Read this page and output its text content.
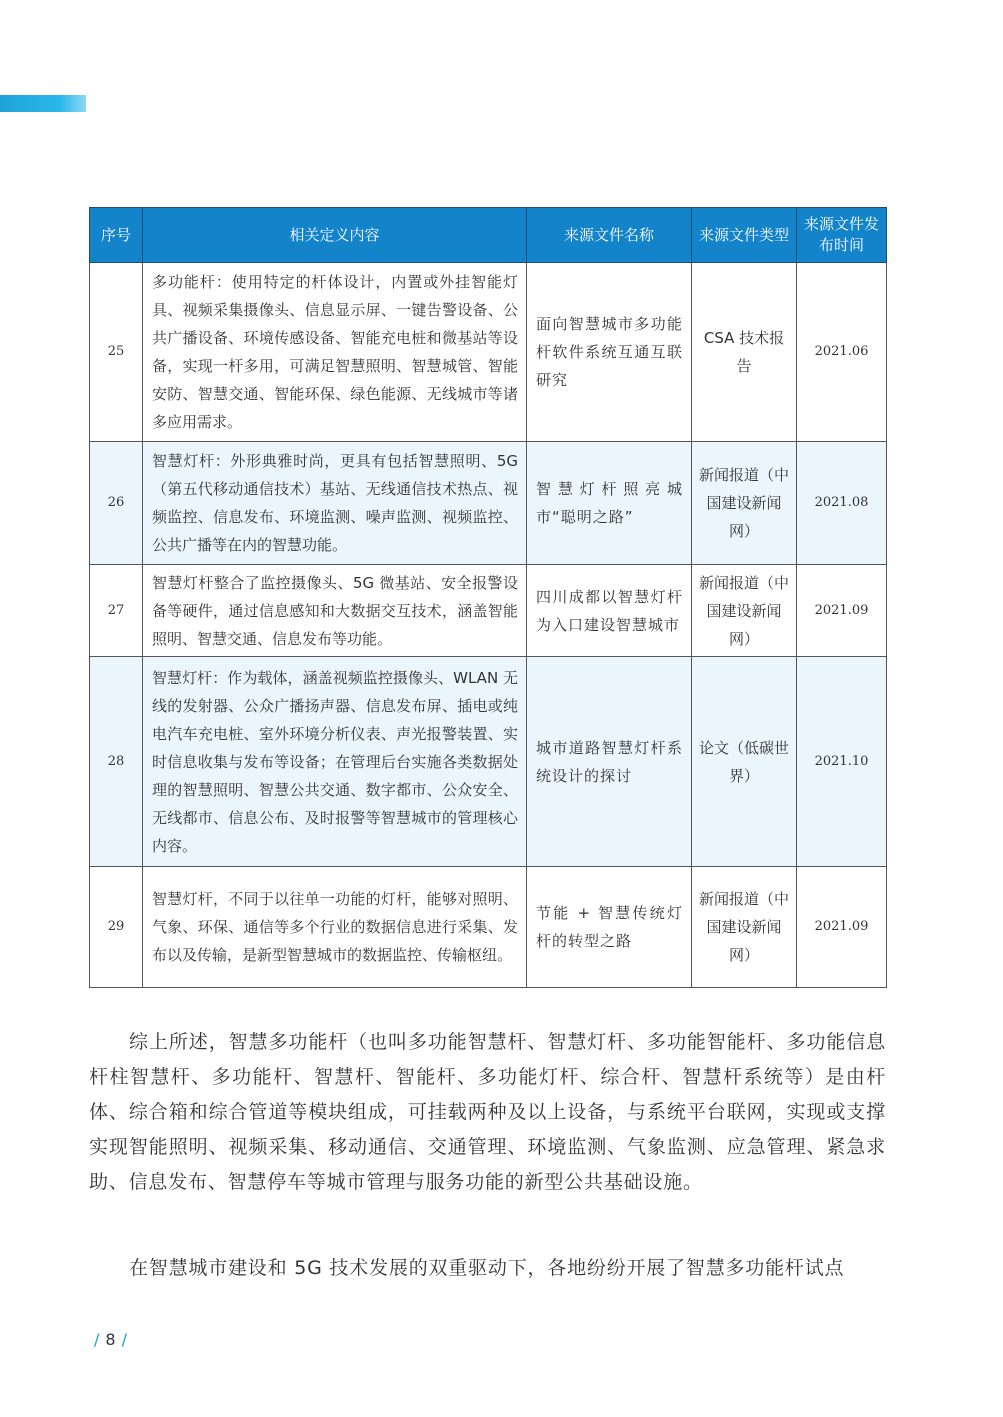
序号	相关定义内容	来源文件名称	来源文件类型	来源文件发布时间
25	多功能杆：使用特定的杆体设计，内置或外挂智能灯具、视频采集摄像头、信息显示屏、一键告警设备、公共广播设备、环境传感设备、智能充电桩和微基站等设备，实现一杆多用，可满足智慧照明、智慧城管、智能安防、智慧交通、智能环保、绿色能源、无线城市等诸多应用需求。	面向智慧城市多功能杆软件系统互通互联研究	CSA 技术报告	2021.06
26	智慧灯杆：外形典雅时尚，更具有包括智慧照明、5G（第五代移动通信技术）基站、无线通信技术热点、视频监控、信息发布、环境监测、噪声监测、视频监控、公共广播等在内的智慧功能。	智慧灯杆照亮城市“聪明之路”	新闻报道（中国建设新闻网）	2021.08
27	智慧灯杆整合了监控摄像头、5G 微基站、安全报警设备等硬件，通过信息感知和大数据交互技术，涵盖智能照明、智慧交通、信息发布等功能。	四川成都以智慧灯杆为入口建设智慧城市	新闻报道（中国建设新闻网）	2021.09
28	智慧灯杆：作为载体，涵盖视频监控摄像头、WLAN 无线的发射器、公众广播扬声器、信息发布屏、插电或纯电汽车充电桩、室外环境分析仪表、声光报警装置、实时信息收集与发布等设备；在管理后台实施各类数据处理的智慧照明、智慧公共交通、数字都市、公众安全、无线都市、信息公布、及时报警等智慧城市的管理核心内容。	城市道路智慧灯杆系统设计的探讨	论文（低碳世界）	2021.10
29	智慧灯杆，不同于以往单一功能的灯杆，能够对照明、气象、环保、通信等多个行业的数据信息进行采集、发布以及传输，是新型智慧城市的数据监控、传输枢纽。	节能 + 智慧传统灯杆的转型之路	新闻报道（中国建设新闻网）	2021.09

综上所述，智慧多功能杆（也叫多功能智慧杆、智慧灯杆、多功能智能杆、多功能信息杆柱智慧杆、多功能杆、智慧杆、智能杆、多功能灯杆、综合杆、智慧杆系统等）是由杆体、综合箱和综合管道等模块组成，可挂载两种及以上设备，与系统平台联网，实现或支撑实现智能照明、视频采集、移动通信、交通管理、环境监测、气象监测、应急管理、紧急求助、信息发布、智慧停车等城市管理与服务功能的新型公共基础设施。

在智慧城市建设和 5G 技术发展的双重驱动下，各地纷纷开展了智慧多功能杆试点

/ 8 /
